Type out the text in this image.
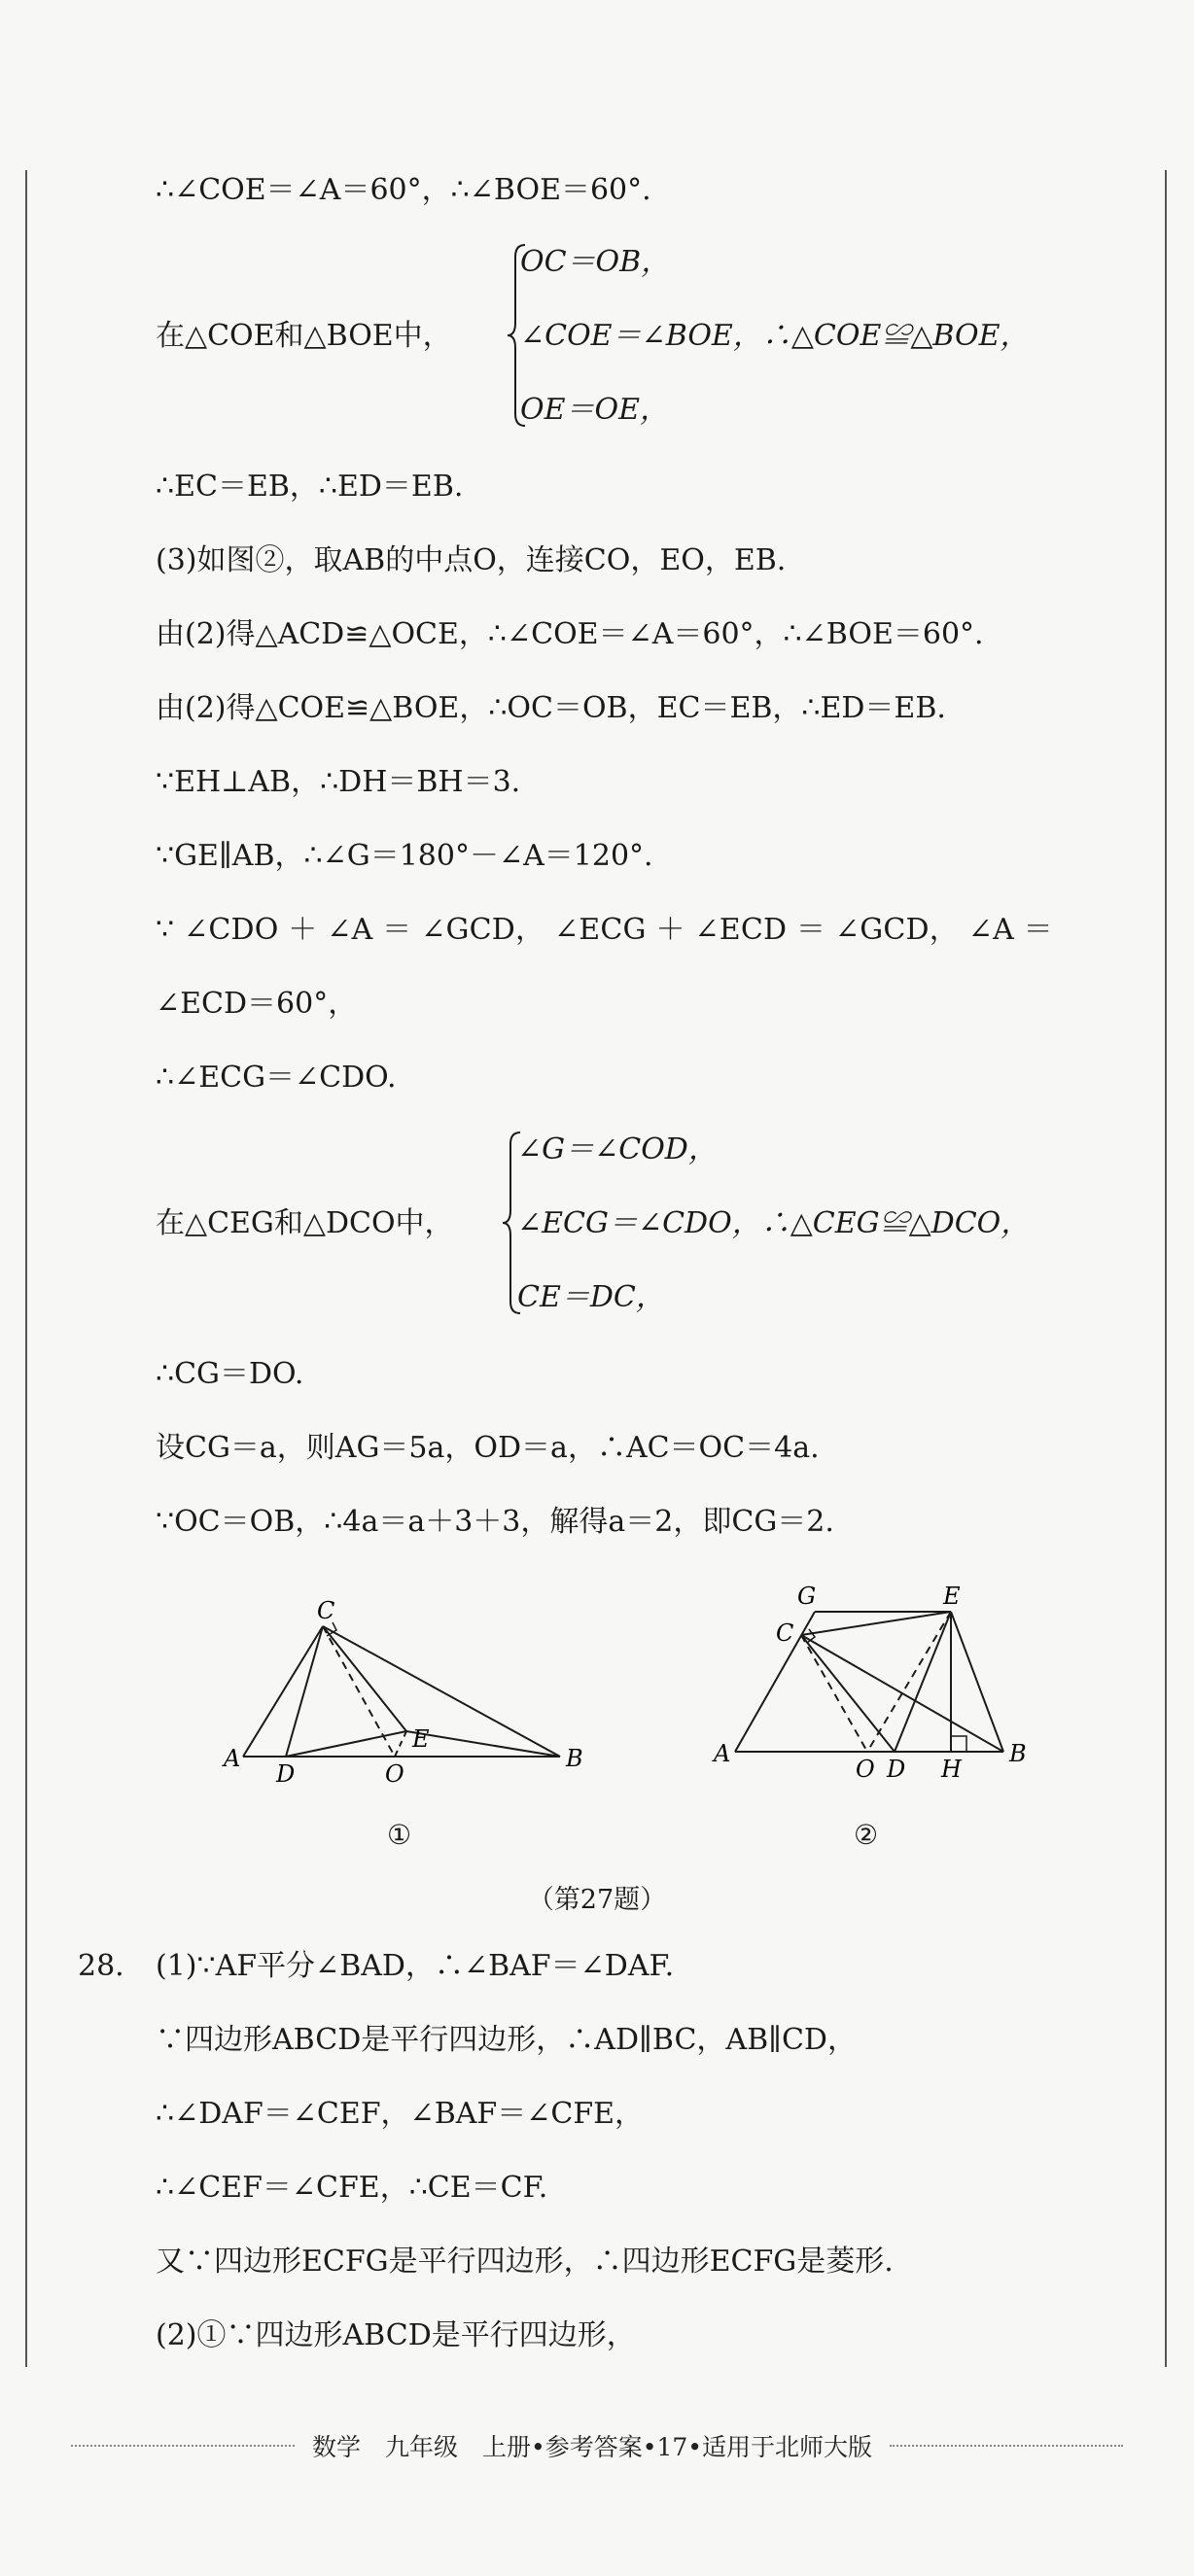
∴∠COE＝∠A＝60°，∴∠BOE＝60°.
在△COE和△BOE中，
OC＝OB，
∠COE＝∠BOE，∴△COE≌△BOE，
OE＝OE，
∴EC＝EB，∴ED＝EB.
(3)如图②，取AB的中点O，连接CO，EO，EB.
由(2)得△ACD≌△OCE，∴∠COE＝∠A＝60°，∴∠BOE＝60°.
由(2)得△COE≌△BOE，∴OC＝OB，EC＝EB，∴ED＝EB.
∵EH⊥AB，∴DH＝BH＝3.
∵GE∥AB，∴∠G＝180°－∠A＝120°.
∵ ∠CDO ＋ ∠A ＝ ∠GCD， ∠ECG ＋ ∠ECD ＝ ∠GCD， ∠A ＝
∠ECD＝60°，
∴∠ECG＝∠CDO.
在△CEG和△DCO中，
∠G＝∠COD，
∠ECG＝∠CDO，∴△CEG≌△DCO，
CE＝DC，
∴CG＝DO.
设CG＝a，则AG＝5a，OD＝a，∴AC＝OC＝4a.
∵OC＝OB，∴4a＝a＋3＋3，解得a＝2，即CG＝2.
C
A
D	O
E
B
G	E
C
A
O D H
B
①	②
（第27题）
28. (1)∵AF平分∠BAD，∴∠BAF＝∠DAF.
∵四边形ABCD是平行四边形，∴AD∥BC，AB∥CD，
∴∠DAF＝∠CEF，∠BAF＝∠CFE，
∴∠CEF＝∠CFE，∴CE＝CF.
又∵四边形ECFG是平行四边形，∴四边形ECFG是菱形.
(2)①∵四边形ABCD是平行四边形，
数学　九年级　上册•参考答案•17•适用于北师大版
